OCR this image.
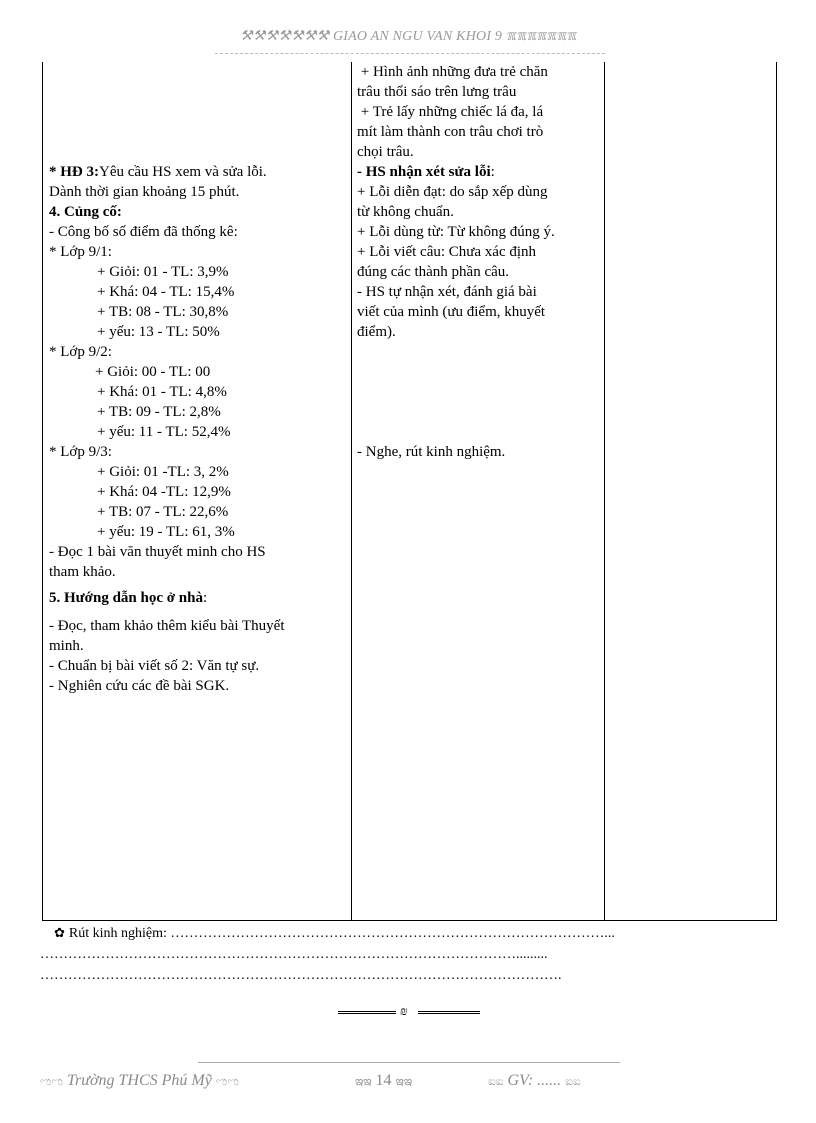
⚒⚒⚒⚒⚒⚒⚒ GIAO AN NGU VAN KHOI 9 ℼℼℼℼℼℼℼ
* HĐ 3:Yêu cầu HS xem và sửa lỗi.
Dành thời gian khoảng 15 phút.
4. Củng cố:
- Công bố số điểm đã thống kê:
* Lớp 9/1:
+ Giỏi: 01 - TL: 3,9%
+ Khá: 04 - TL: 15,4%
+ TB: 08 - TL: 30,8%
+ yếu: 13 - TL: 50%
* Lớp 9/2:
+ Giỏi: 00 - TL: 00
+ Khá: 01 - TL: 4,8%
+ TB: 09 - TL: 2,8%
+ yếu: 11 - TL: 52,4%
* Lớp 9/3:
+ Giỏi: 01 -TL: 3, 2%
+ Khá: 04 -TL: 12,9%
+ TB: 07 - TL: 22,6%
+ yếu: 19 - TL: 61, 3%
- Đọc 1 bài văn thuyết minh cho HS
tham khảo.
5. Hướng dẫn học ở nhà:
- Đọc, tham khảo thêm kiểu bài Thuyết
minh.
- Chuẩn bị bài viết số 2: Văn tự sự.
- Nghiên cứu các đề bài SGK.
+ Hình ảnh những đưa trẻ chăn
trâu thổi sáo trên lưng trâu
+ Trẻ lấy những chiếc lá đa, lá
mít làm thành con trâu chơi trò
chọi trâu.
- HS nhận xét sửa lỗi:
+ Lỗi diễn đạt: do sắp xếp dùng
từ không chuẩn.
+ Lỗi dùng từ: Từ không đúng ý.
+ Lỗi viết câu: Chưa xác định
đúng các thành phần câu.
- HS tự nhận xét, đánh giá bài
viết của mình (ưu điểm, khuyết
điểm).
- Nghe, rút kinh nghiệm.
✿ Rút kinh nghiệm: …………………………………………………………………………………...
………………………………………………………………………………………….........
………………………………………………………………………………………………….
₪
ಌಌ Trường THCS Phú Mỹ ಌಌ	ఇఇ 14 ఇఇ	ಐಐ GV: ...... ಐಐ
